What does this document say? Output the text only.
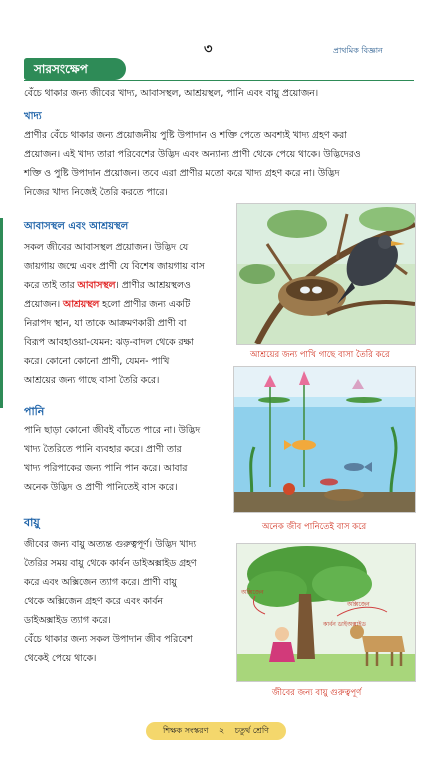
৩	প্রাথমিক বিজ্ঞান
সারসংক্ষেপ
বেঁচে থাকার জন্য জীবের খাদ্য, আবাসস্থল, আশ্রয়স্থল, পানি এবং বায়ু প্রয়োজন।
খাদ্য
প্রাণীর বেঁচে থাকার জন্য প্রয়োজনীয় পুষ্টি উপাদান ও শক্তি পেতে অবশ্যই খাদ্য গ্রহণ করা
প্রয়োজন। এই খাদ্য তারা পরিবেশের উদ্ভিদ এবং অন্যান্য প্রাণী থেকে পেয়ে থাকে। উদ্ভিদেরও
শক্তি ও পুষ্টি উপাদান প্রয়োজন। তবে এরা প্রাণীর মতো করে খাদ্য গ্রহণ করে না। উদ্ভিদ
নিজের খাদ্য নিজেই তৈরি করতে পারে।
আবাসস্থল এবং আশ্রয়স্থল
সকল জীবের আবাসস্থল প্রয়োজন। উদ্ভিদ যে
জায়গায় জন্মে এবং প্রাণী যে বিশেষ জায়গায় বাস
করে তাই তার আবাসস্থল। প্রাণীর আশ্রয়স্থলও
প্রয়োজন। আশ্রয়স্থল হলো প্রাণীর জন্য একটি
নিরাপদ স্থান, যা তাকে আক্রমণকারী প্রাণী বা
বিরূপ আবহাওয়া-যেমন: ঝড়-বাদল থেকে রক্ষা
করে। কোনো কোনো প্রাণী, যেমন- পাখি
আশ্রয়ের জন্য গাছে বাসা তৈরি করে।
পানি
পানি ছাড়া কোনো জীবই বাঁচতে পারে না। উদ্ভিদ
খাদ্য তৈরিতে পানি ব্যবহার করে। প্রাণী তার
খাদ্য পরিপাকের জন্য পানি পান করে। আবার
অনেক উদ্ভিদ ও প্রাণী পানিতেই বাস করে।
বায়ু
জীবের জন্য বায়ু অত্যন্ত গুরুত্বপূর্ণ। উদ্ভিদ খাদ্য
তৈরির সময় বায়ু থেকে কার্বন ডাইঅক্সাইড গ্রহণ
করে এবং অক্সিজেন ত্যাগ করে। প্রাণী বায়ু
থেকে অক্সিজেন গ্রহণ করে এবং কার্বন
ডাইঅক্সাইড ত্যাগ করে।
বেঁচে থাকার জন্য সকল উপাদান জীব পরিবেশ
থেকেই পেয়ে থাকে।
আশ্রয়ের জন্য পাখি গাছে বাসা তৈরি করে
অনেক জীব পানিতেই বাস করে
অক্সিজেন
অক্সিজেন
কার্বন ডাইঅক্সাইড
জীবের জন্য বায়ু গুরুত্বপূর্ণ
শিক্ষক সংস্করণ ২ চতুর্থ শ্রেণি
